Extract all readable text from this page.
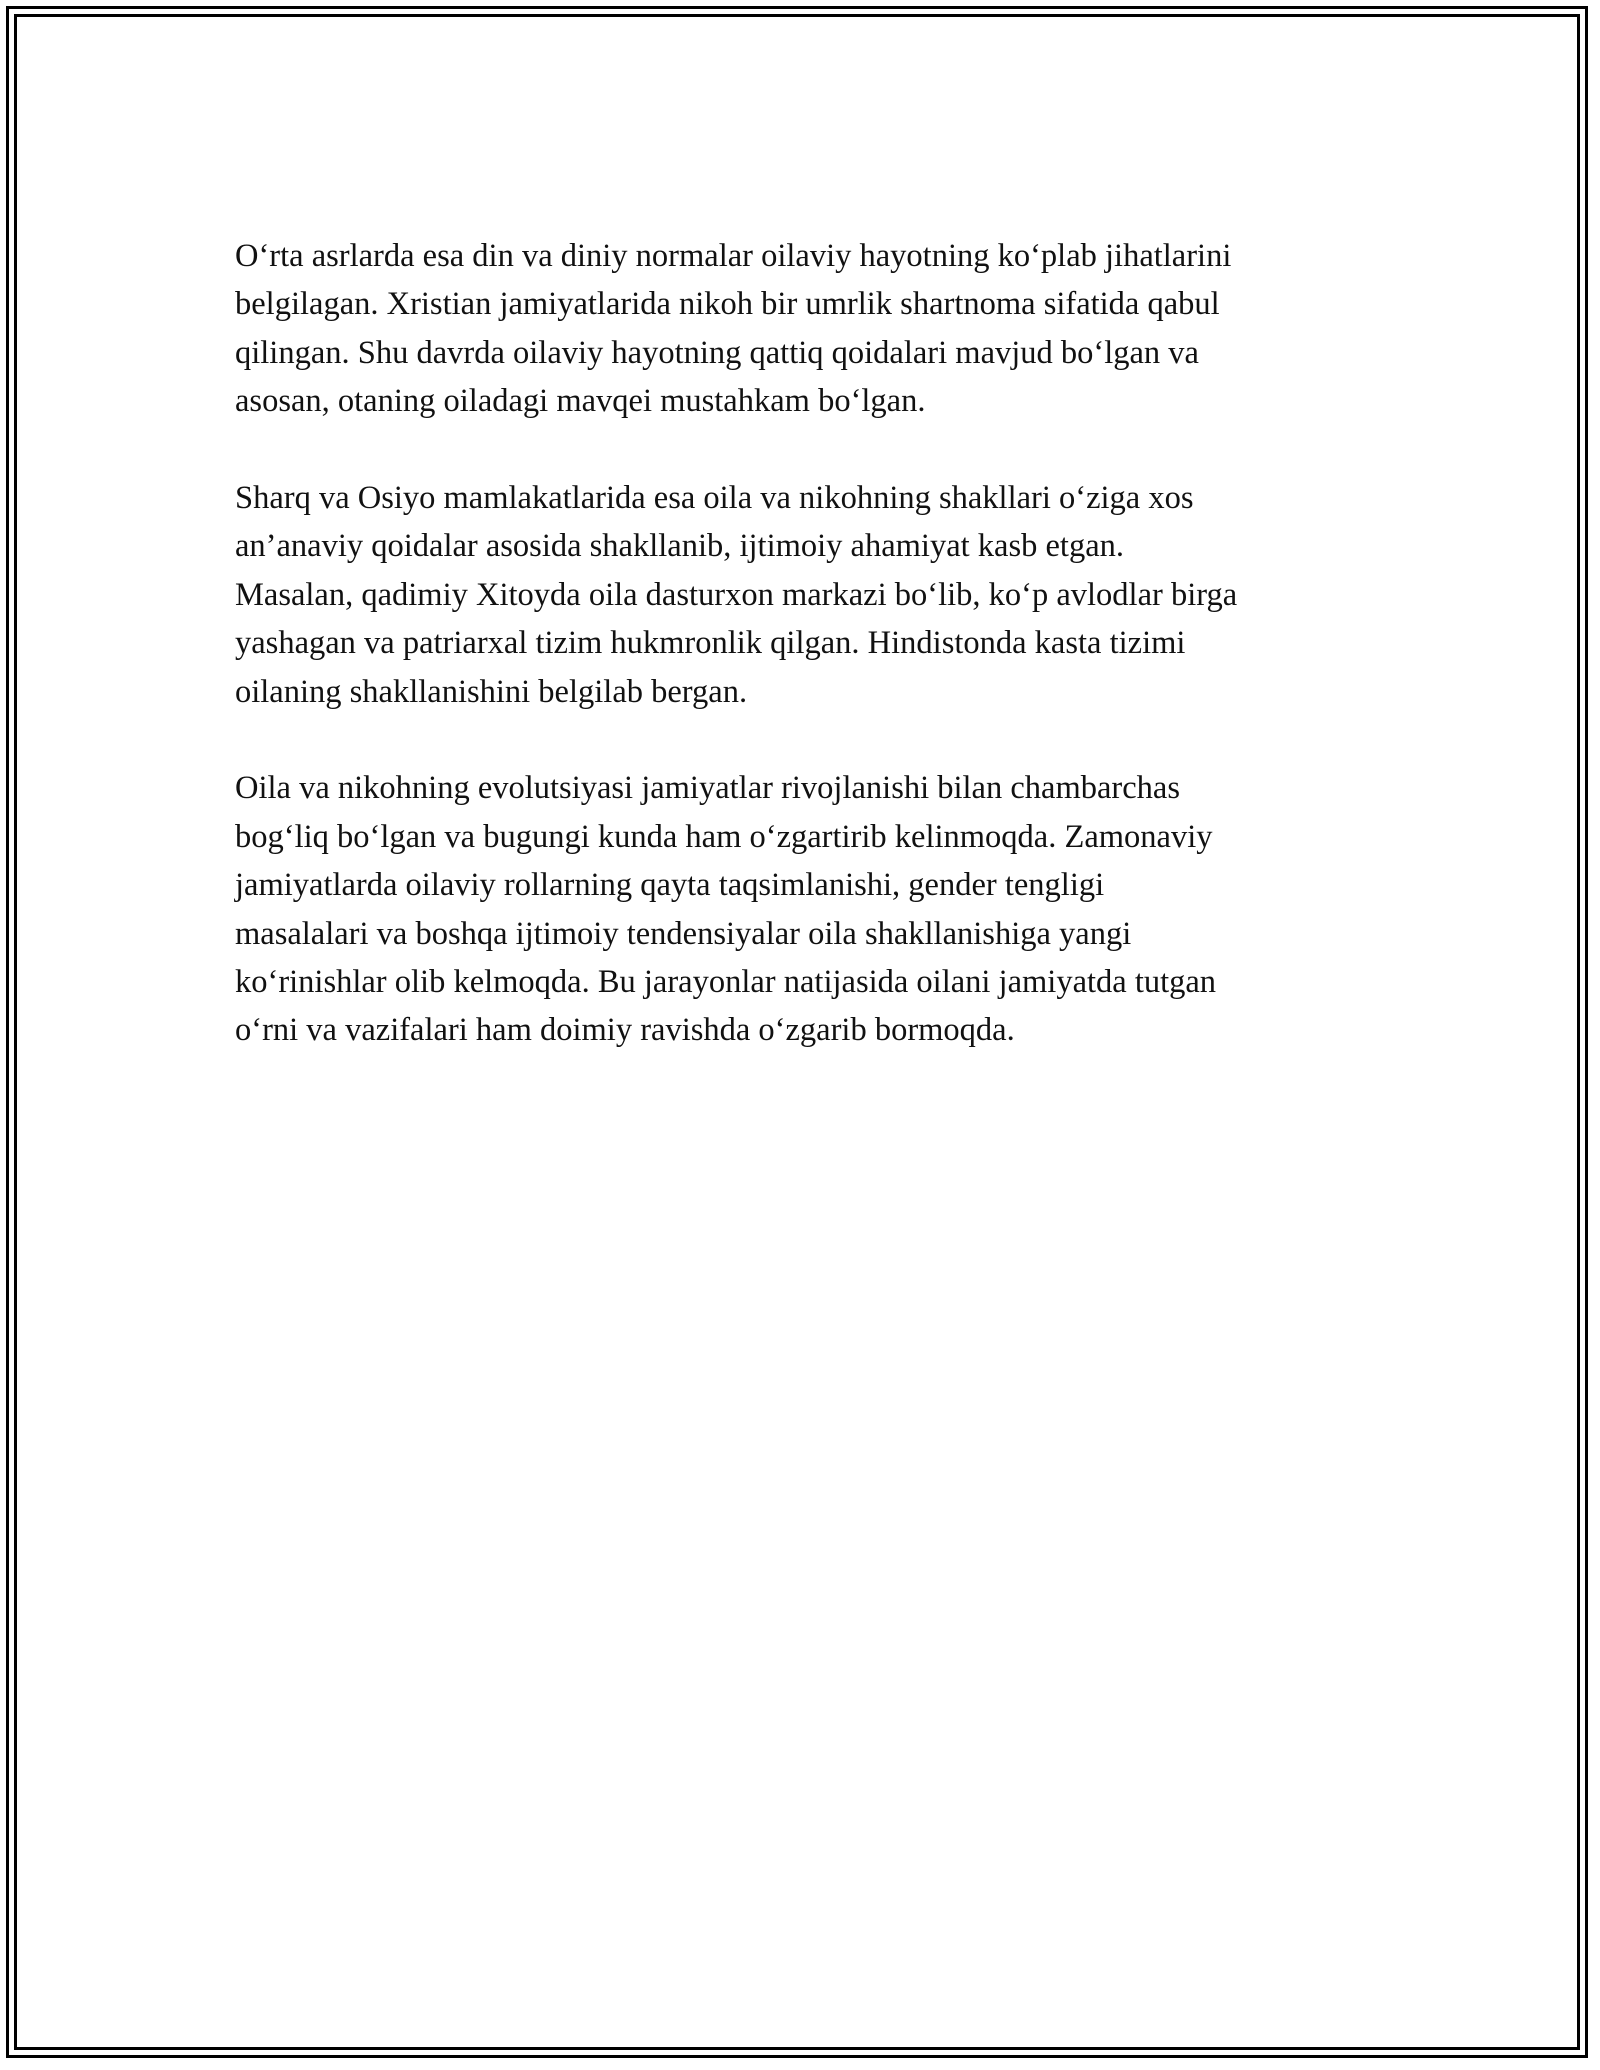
O‘rta asrlarda esa din va diniy normalar oilaviy hayotning ko‘plab jihatlarini
belgilagan. Xristian jamiyatlarida nikoh bir umrlik shartnoma sifatida qabul
qilingan. Shu davrda oilaviy hayotning qattiq qoidalari mavjud bo‘lgan va
asosan, otaning oiladagi mavqei mustahkam bo‘lgan.

Sharq va Osiyo mamlakatlarida esa oila va nikohning shakllari o‘ziga xos
an’anaviy qoidalar asosida shakllanib, ijtimoiy ahamiyat kasb etgan.
Masalan, qadimiy Xitoyda oila dasturxon markazi bo‘lib, ko‘p avlodlar birga
yashagan va patriarxal tizim hukmronlik qilgan. Hindistonda kasta tizimi
oilaning shakllanishini belgilab bergan.

Oila va nikohning evolutsiyasi jamiyatlar rivojlanishi bilan chambarchas
bog‘liq bo‘lgan va bugungi kunda ham o‘zgartirib kelinmoqda. Zamonaviy
jamiyatlarda oilaviy rollarning qayta taqsimlanishi, gender tengligi
masalalari va boshqa ijtimoiy tendensiyalar oila shakllanishiga yangi
ko‘rinishlar olib kelmoqda. Bu jarayonlar natijasida oilani jamiyatda tutgan
o‘rni va vazifalari ham doimiy ravishda o‘zgarib bormoqda.
